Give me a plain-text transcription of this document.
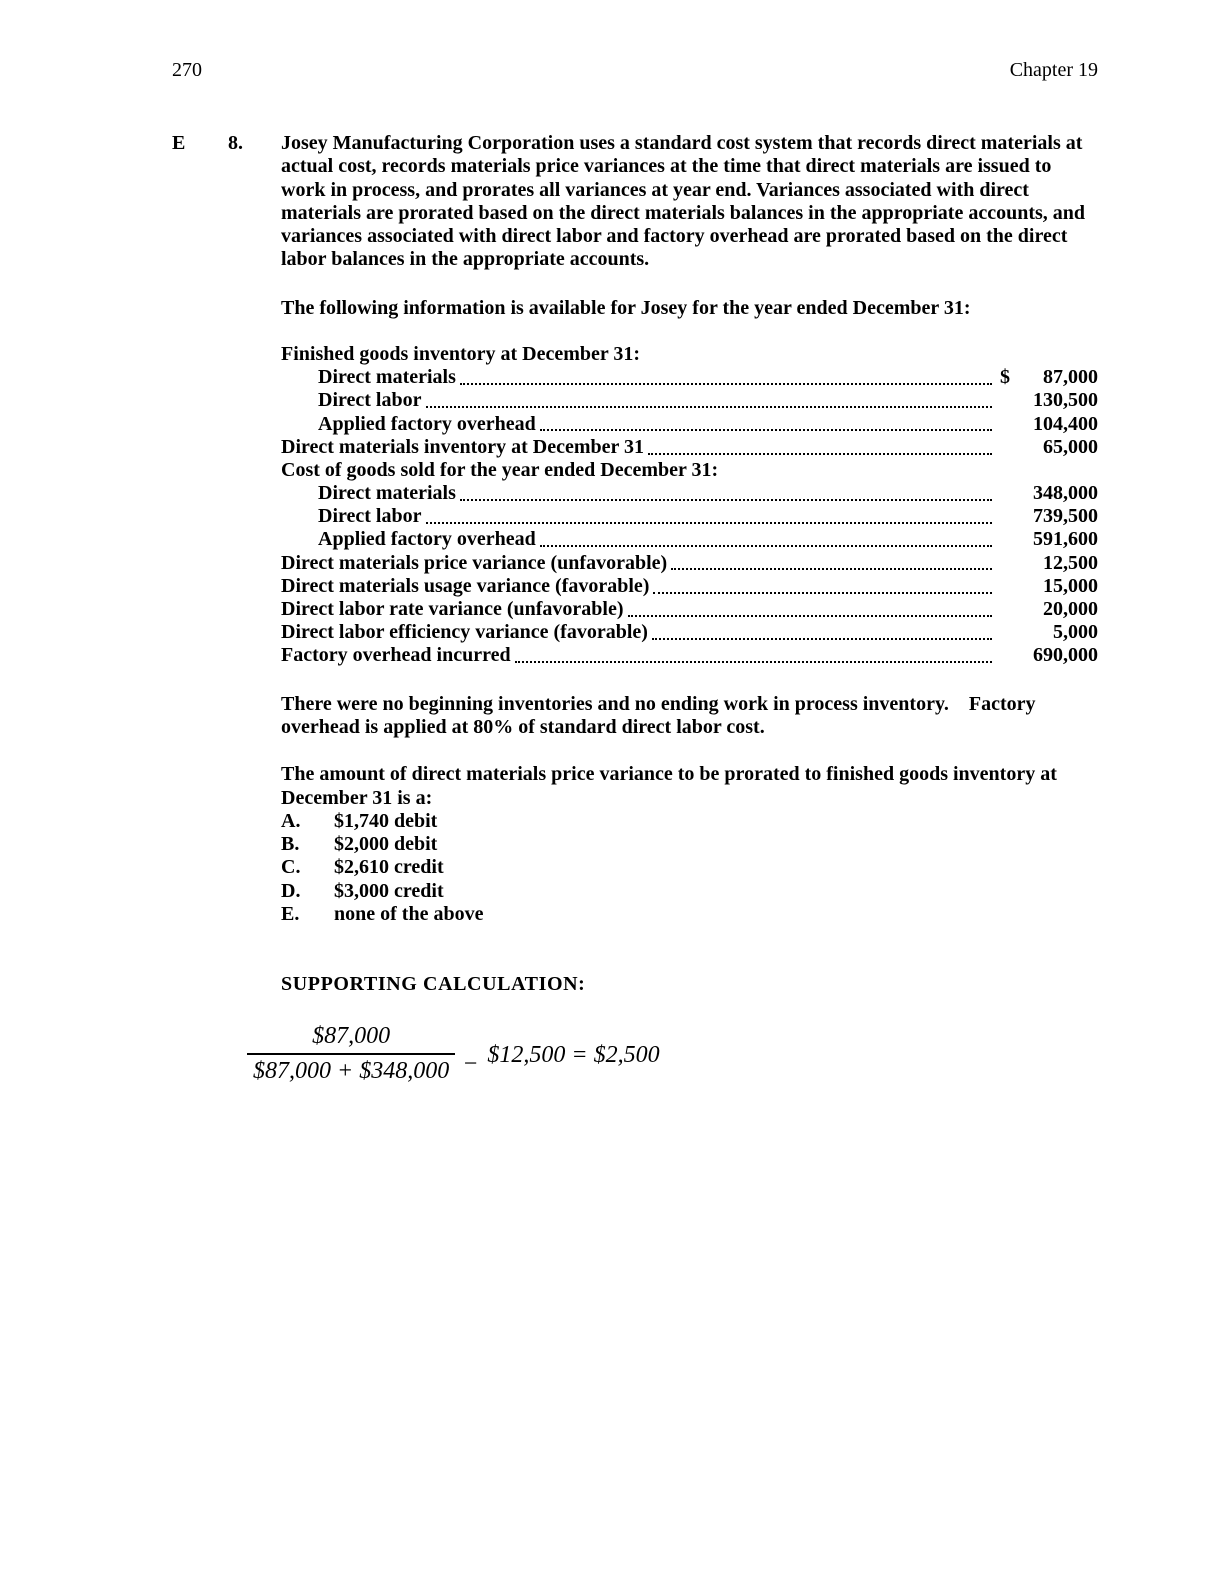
270	Chapter 19
E	8.	Josey Manufacturing Corporation uses a standard cost system that records direct materials at actual cost, records materials price variances at the time that direct materials are issued to work in process, and prorates all variances at year end. Variances associated with direct materials are prorated based on the direct materials balances in the appropriate accounts, and variances associated with direct labor and factory overhead are prorated based on the direct labor balances in the appropriate accounts.

The following information is available for Josey for the year ended December 31:

Finished goods inventory at December 31:
Direct materials	$	87,000
Direct labor	130,500
Applied factory overhead	104,400
Direct materials inventory at December 31	65,000
Cost of goods sold for the year ended December 31:
Direct materials	348,000
Direct labor	739,500
Applied factory overhead	591,600
Direct materials price variance (unfavorable)	12,500
Direct materials usage variance (favorable)	15,000
Direct labor rate variance (unfavorable)	20,000
Direct labor efficiency variance (favorable)	5,000
Factory overhead incurred	690,000

There were no beginning inventories and no ending work in process inventory.    Factory overhead is applied at 80% of standard direct labor cost.

The amount of direct materials price variance to be prorated to finished goods inventory at December 31 is a:

A.	$1,740 debit
B.	$2,000 debit
C.	$2,610 credit
D.	$3,000 credit
E.	none of the above

SUPPORTING CALCULATION:

$\frac{\$87,000}{\$87,000 + \$348,000}$ − $12,500 = $2,500
